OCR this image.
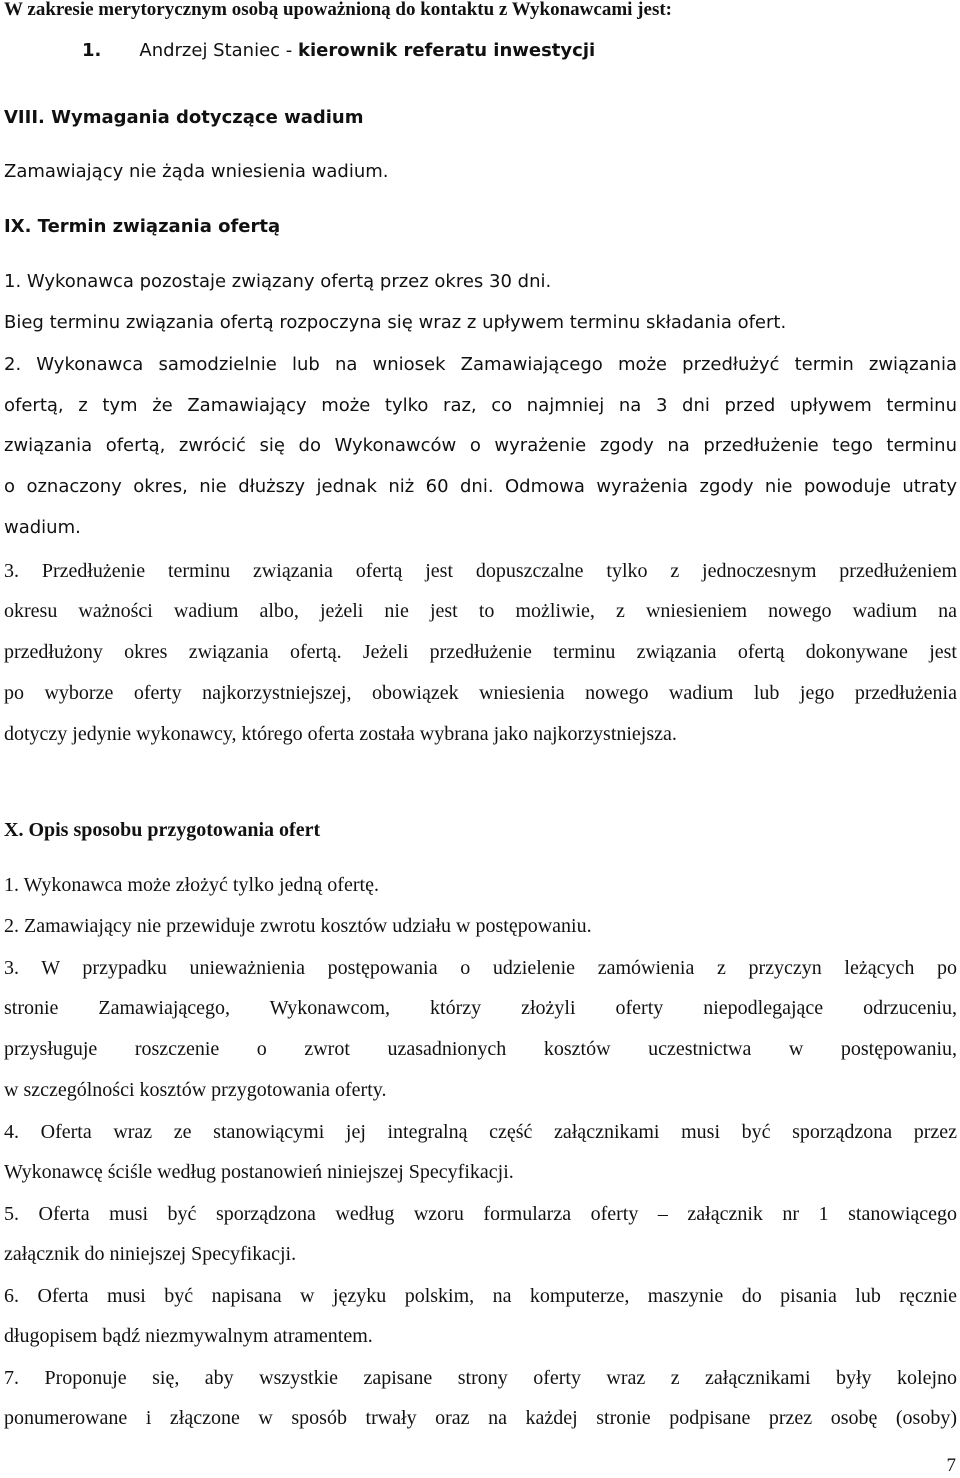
W zakresie merytorycznym osobą upoważnioną do kontaktu z Wykonawcami jest:
1. Andrzej Staniec - kierownik referatu inwestycji
VIII. Wymagania dotyczące wadium
Zamawiający nie żąda wniesienia wadium.
IX. Termin związania ofertą
1. Wykonawca pozostaje związany ofertą przez okres 30 dni.
Bieg terminu związania ofertą rozpoczyna się wraz z upływem terminu składania ofert.
2. Wykonawca samodzielnie lub na wniosek Zamawiającego może przedłużyć termin związania
ofertą, z tym że Zamawiający może tylko raz, co najmniej na 3 dni przed upływem terminu
związania ofertą, zwrócić się do Wykonawców o wyrażenie zgody na przedłużenie tego terminu
o oznaczony okres, nie dłuższy jednak niż 60 dni. Odmowa wyrażenia zgody nie powoduje utraty
wadium.
3. Przedłużenie terminu związania ofertą jest dopuszczalne tylko z jednoczesnym przedłużeniem
okresu ważności wadium albo, jeżeli nie jest to możliwie, z wniesieniem nowego wadium na
przedłużony okres związania ofertą. Jeżeli przedłużenie terminu związania ofertą dokonywane jest
po wyborze oferty najkorzystniejszej, obowiązek wniesienia nowego wadium lub jego przedłużenia
dotyczy jedynie wykonawcy, którego oferta została wybrana jako najkorzystniejsza.
X. Opis sposobu przygotowania ofert
1. Wykonawca może złożyć tylko jedną ofertę.
2. Zamawiający nie przewiduje zwrotu kosztów udziału w postępowaniu.
3. W przypadku unieważnienia postępowania o udzielenie zamówienia z przyczyn leżących po
stronie Zamawiającego, Wykonawcom, którzy złożyli oferty niepodlegające odrzuceniu,
przysługuje roszczenie o zwrot uzasadnionych kosztów uczestnictwa w postępowaniu,
w szczególności kosztów przygotowania oferty.
4. Oferta wraz ze stanowiącymi jej integralną część załącznikami musi być sporządzona przez
Wykonawcę ściśle według postanowień niniejszej Specyfikacji.
5. Oferta musi być sporządzona według wzoru formularza oferty – załącznik nr 1 stanowiącego
załącznik do niniejszej Specyfikacji.
6. Oferta musi być napisana w języku polskim, na komputerze, maszynie do pisania lub ręcznie
długopisem bądź niezmywalnym atramentem.
7. Proponuje się, aby wszystkie zapisane strony oferty wraz z załącznikami były kolejno
ponumerowane i złączone w sposób trwały oraz na każdej stronie podpisane przez osobę (osoby)
7
